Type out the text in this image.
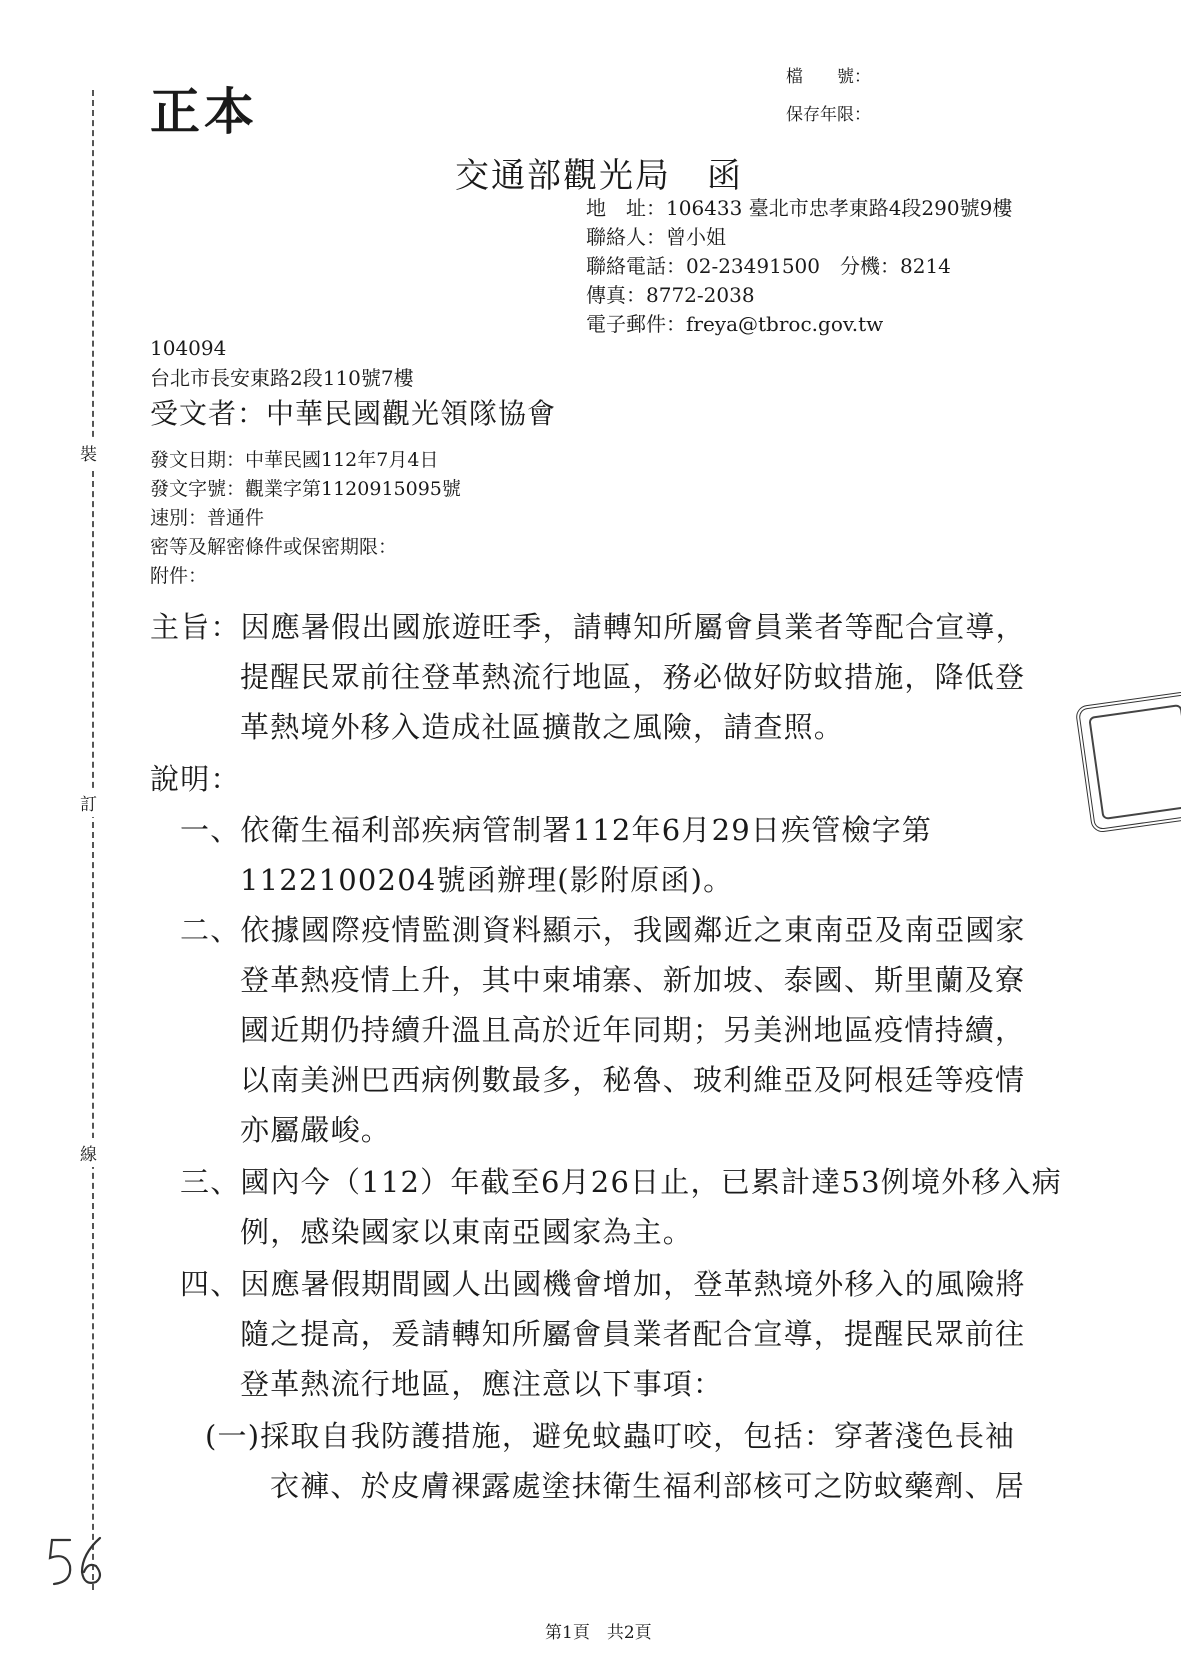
正本
檔　　號：
保存年限：
裝
訂
線
交通部觀光局　函
地　址：106433 臺北市忠孝東路4段290號9樓
聯絡人：曾小姐
聯絡電話：02-23491500　分機：8214
傳真：8772-2038
電子郵件：freya@tbroc.gov.tw
104094
台北市長安東路2段110號7樓
受文者：中華民國觀光領隊協會
發文日期：中華民國112年7月4日
發文字號：觀業字第1120915095號
速別：普通件
密等及解密條件或保密期限：
附件：
主旨：因應暑假出國旅遊旺季，請轉知所屬會員業者等配合宣導，
提醒民眾前往登革熱流行地區，務必做好防蚊措施，降低登
革熱境外移入造成社區擴散之風險，請查照。
說明：
一、依衛生福利部疾病管制署112年6月29日疾管檢字第
1122100204號函辦理(影附原函)。
二、依據國際疫情監測資料顯示，我國鄰近之東南亞及南亞國家
登革熱疫情上升，其中柬埔寨、新加坡、泰國、斯里蘭及寮
國近期仍持續升溫且高於近年同期；另美洲地區疫情持續，
以南美洲巴西病例數最多，秘魯、玻利維亞及阿根廷等疫情
亦屬嚴峻。
三、國內今（112）年截至6月26日止，已累計達53例境外移入病
例，感染國家以東南亞國家為主。
四、因應暑假期間國人出國機會增加，登革熱境外移入的風險將
隨之提高，爰請轉知所屬會員業者配合宣導，提醒民眾前往
登革熱流行地區，應注意以下事項：
(一)採取自我防護措施，避免蚊蟲叮咬，包括：穿著淺色長袖
衣褲、於皮膚裸露處塗抹衛生福利部核可之防蚊藥劑、居
第1頁　共2頁
